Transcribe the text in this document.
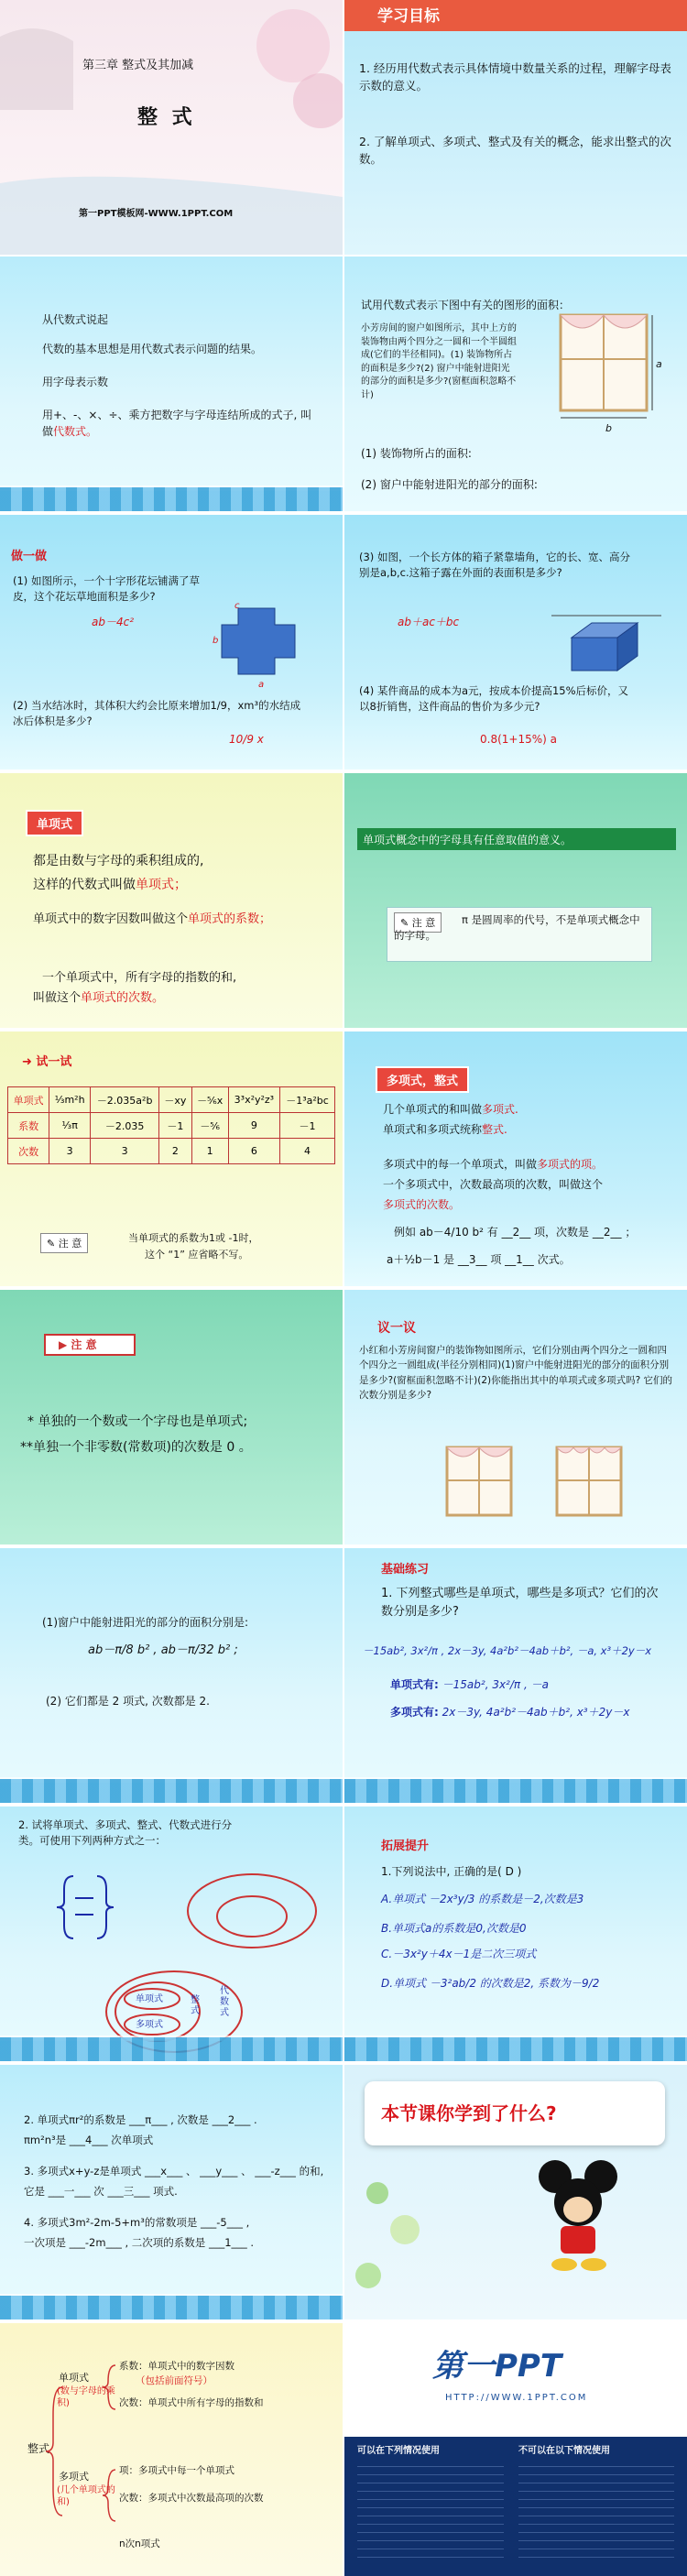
第三章 整式及其加减
整 式
第一PPT模板网-WWW.1PPT.COM
学习目标
1. 经历用代数式表示具体情境中数量关系的过程，理解字母表示数的意义。
2. 了解单项式、多项式、整式及有关的概念，能求出整式的次数。
从代数式说起
代数的基本思想是用代数式表示问题的结果。
用字母表示数
用+、-、×、÷、乘方把数字与字母连结所成的式子, 叫做代数式。
试用代数式表示下图中有关的图形的面积：
小芳房间的窗户如图所示，其中上方的装饰物由两个四分之一圆和一个半圆组成(它们的半径相同)。(1) 装饰物所占的面积是多少?(2) 窗户中能射进阳光的部分的面积是多少?(窗框面积忽略不计)
a
b
(1) 装饰物所占的面积:
(2) 窗户中能射进阳光的部分的面积:
做一做
(1) 如图所示，一个十字形花坛铺满了草皮，这个花坛草地面积是多少?
ab－4c²
c
b
a
(2) 当水结冰时，其体积大约会比原来增加1/9，xm³的水结成冰后体积是多少?
10/9 x
(3) 如图，一个长方体的箱子紧靠墙角，它的长、宽、高分别是a,b,c.这箱子露在外面的表面积是多少?
ab＋ac＋bc
(4) 某件商品的成本为a元，按成本价提高15%后标价，又以8折销售，这件商品的售价为多少元?
0.8(1+15%) a
单项式
都是由数与字母的乘积组成的,
这样的代数式叫做单项式；
单项式中的数字因数叫做这个单项式的系数；
一个单项式中，所有字母的指数的和,
叫做这个单项式的次数。
单项式概念中的字母具有任意取值的意义。
✎ 注 意	π 是圆周率的代号，不是单项式概念中的字母。
➜ 试一试
单项式	⅓m²h	－2.035a²b	－xy	－⅚x	3³x²y²z³	－1³a²bc
系数	⅓π	－2.035	－1	－⅚	9	－1
次数	3	3	2	1	6	4
✎ 注 意	当单项式的系数为1或 -1时，
这个 “1” 应省略不写。
多项式，整式
几个单项式的和叫做多项式.
单项式和多项式统称整式.
多项式中的每一个单项式，叫做多项式的项。
一个多项式中，次数最高项的次数，叫做这个
多项式的次数。
例如 ab－4/10 b² 有 __2__ 项，次数是 __2__ ；
a＋½b－1 是 __3__ 项 __1__ 次式。
▶ 注 意
* 单独的一个数或一个字母也是单项式;
**单独一个非零数(常数项)的次数是 0 。
议一议
小红和小芳房间窗户的装饰物如图所示，它们分别由两个四分之一圆和四个四分之一圆组成(半径分别相同)(1)窗户中能射进阳光的部分的面积分别是多少?(窗框面积忽略不计)(2)你能指出其中的单项式或多项式吗? 它们的次数分别是多少?
(1)窗户中能射进阳光的部分的面积分别是:
ab－π/8 b² , ab－π/32 b² ;
(2) 它们都是 2 项式, 次数都是 2.
基础练习
1. 下列整式哪些是单项式，哪些是多项式？它们的次数分别是多少?
－15ab², 3x²/π , 2x－3y, 4a²b²－4ab＋b², －a, x³＋2y－x
单项式有: －15ab², 3x²/π , －a
多项式有: 2x－3y, 4a²b²－4ab＋b², x³＋2y－x
2. 试将单项式、多项式、整式、代数式进行分类。可使用下列两种方式之一：
单项式
多项式
整式
代数式
拓展提升
1.下列说法中, 正确的是( D )
A.单项式 －2x³y/3 的系数是－2,次数是3
B.单项式a的系数是0,次数是0
C.－3x²y＋4x－1是二次三项式
D.单项式 －3²ab/2 的次数是2, 系数为－9/2
2. 单项式πr²的系数是 ___π___ , 次数是 ___2___ .
πm²n³是 ___4___ 次单项式
3. 多项式x+y-z是单项式 ___x___ 、 ___y___ 、 ___-z___ 的和,
它是 ___一___ 次 ___三___ 项式.
4. 多项式3m²-2m-5+m³的常数项是 ___-5___ ,
一次项是 ___-2m___ , 二次项的系数是 ___1___ .
本节课你学到了什么?
整式
单项式
(数与字母的乘积)
多项式
(几个单项式的和)
系数：单项式中的数字因数
（包括前面符号）
次数：单项式中所有字母的指数和
项：多项式中每一个单项式
次数：多项式中次数最高项的次数
n次n项式
第一PPT
HTTP://WWW.1PPT.COM
可以在下列情况使用	不可以在以下情况使用
